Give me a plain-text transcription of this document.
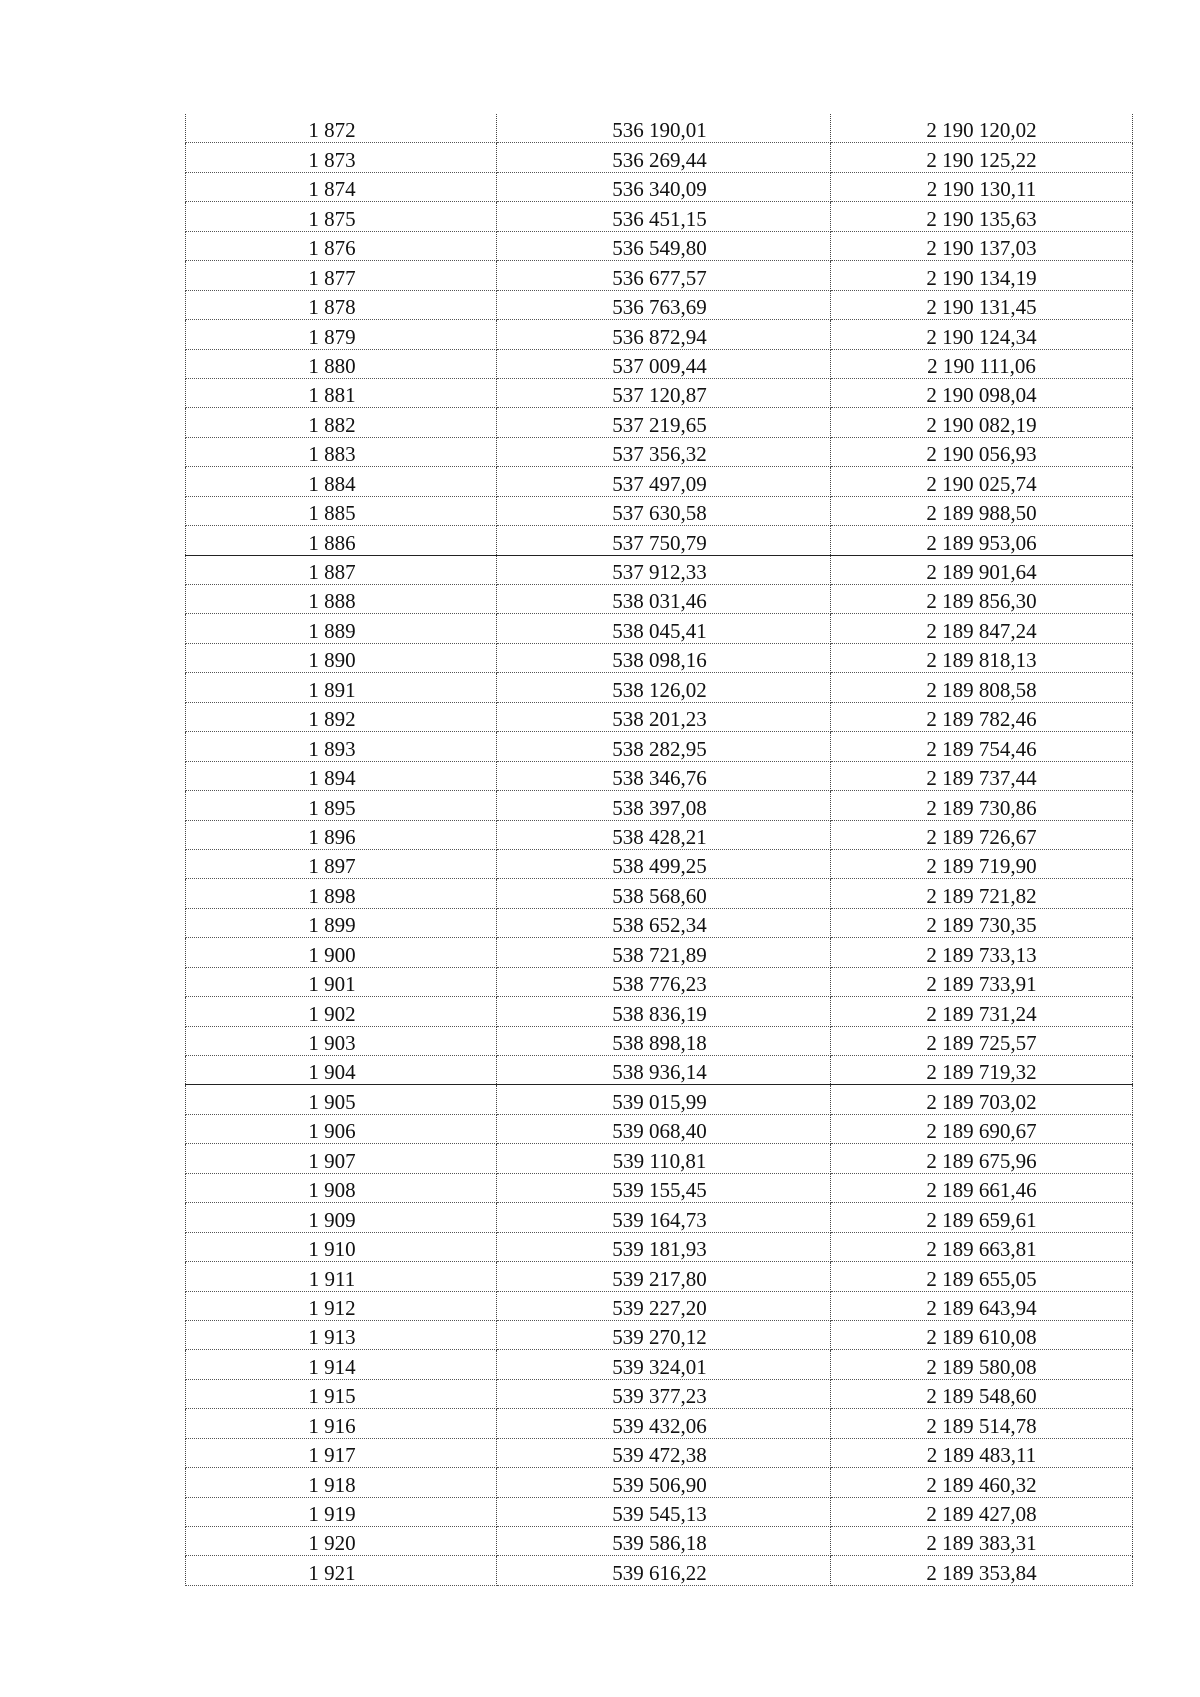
1 872	536 190,01	2 190 120,02
1 873	536 269,44	2 190 125,22
1 874	536 340,09	2 190 130,11
1 875	536 451,15	2 190 135,63
1 876	536 549,80	2 190 137,03
1 877	536 677,57	2 190 134,19
1 878	536 763,69	2 190 131,45
1 879	536 872,94	2 190 124,34
1 880	537 009,44	2 190 111,06
1 881	537 120,87	2 190 098,04
1 882	537 219,65	2 190 082,19
1 883	537 356,32	2 190 056,93
1 884	537 497,09	2 190 025,74
1 885	537 630,58	2 189 988,50
1 886	537 750,79	2 189 953,06
1 887	537 912,33	2 189 901,64
1 888	538 031,46	2 189 856,30
1 889	538 045,41	2 189 847,24
1 890	538 098,16	2 189 818,13
1 891	538 126,02	2 189 808,58
1 892	538 201,23	2 189 782,46
1 893	538 282,95	2 189 754,46
1 894	538 346,76	2 189 737,44
1 895	538 397,08	2 189 730,86
1 896	538 428,21	2 189 726,67
1 897	538 499,25	2 189 719,90
1 898	538 568,60	2 189 721,82
1 899	538 652,34	2 189 730,35
1 900	538 721,89	2 189 733,13
1 901	538 776,23	2 189 733,91
1 902	538 836,19	2 189 731,24
1 903	538 898,18	2 189 725,57
1 904	538 936,14	2 189 719,32
1 905	539 015,99	2 189 703,02
1 906	539 068,40	2 189 690,67
1 907	539 110,81	2 189 675,96
1 908	539 155,45	2 189 661,46
1 909	539 164,73	2 189 659,61
1 910	539 181,93	2 189 663,81
1 911	539 217,80	2 189 655,05
1 912	539 227,20	2 189 643,94
1 913	539 270,12	2 189 610,08
1 914	539 324,01	2 189 580,08
1 915	539 377,23	2 189 548,60
1 916	539 432,06	2 189 514,78
1 917	539 472,38	2 189 483,11
1 918	539 506,90	2 189 460,32
1 919	539 545,13	2 189 427,08
1 920	539 586,18	2 189 383,31
1 921	539 616,22	2 189 353,84
